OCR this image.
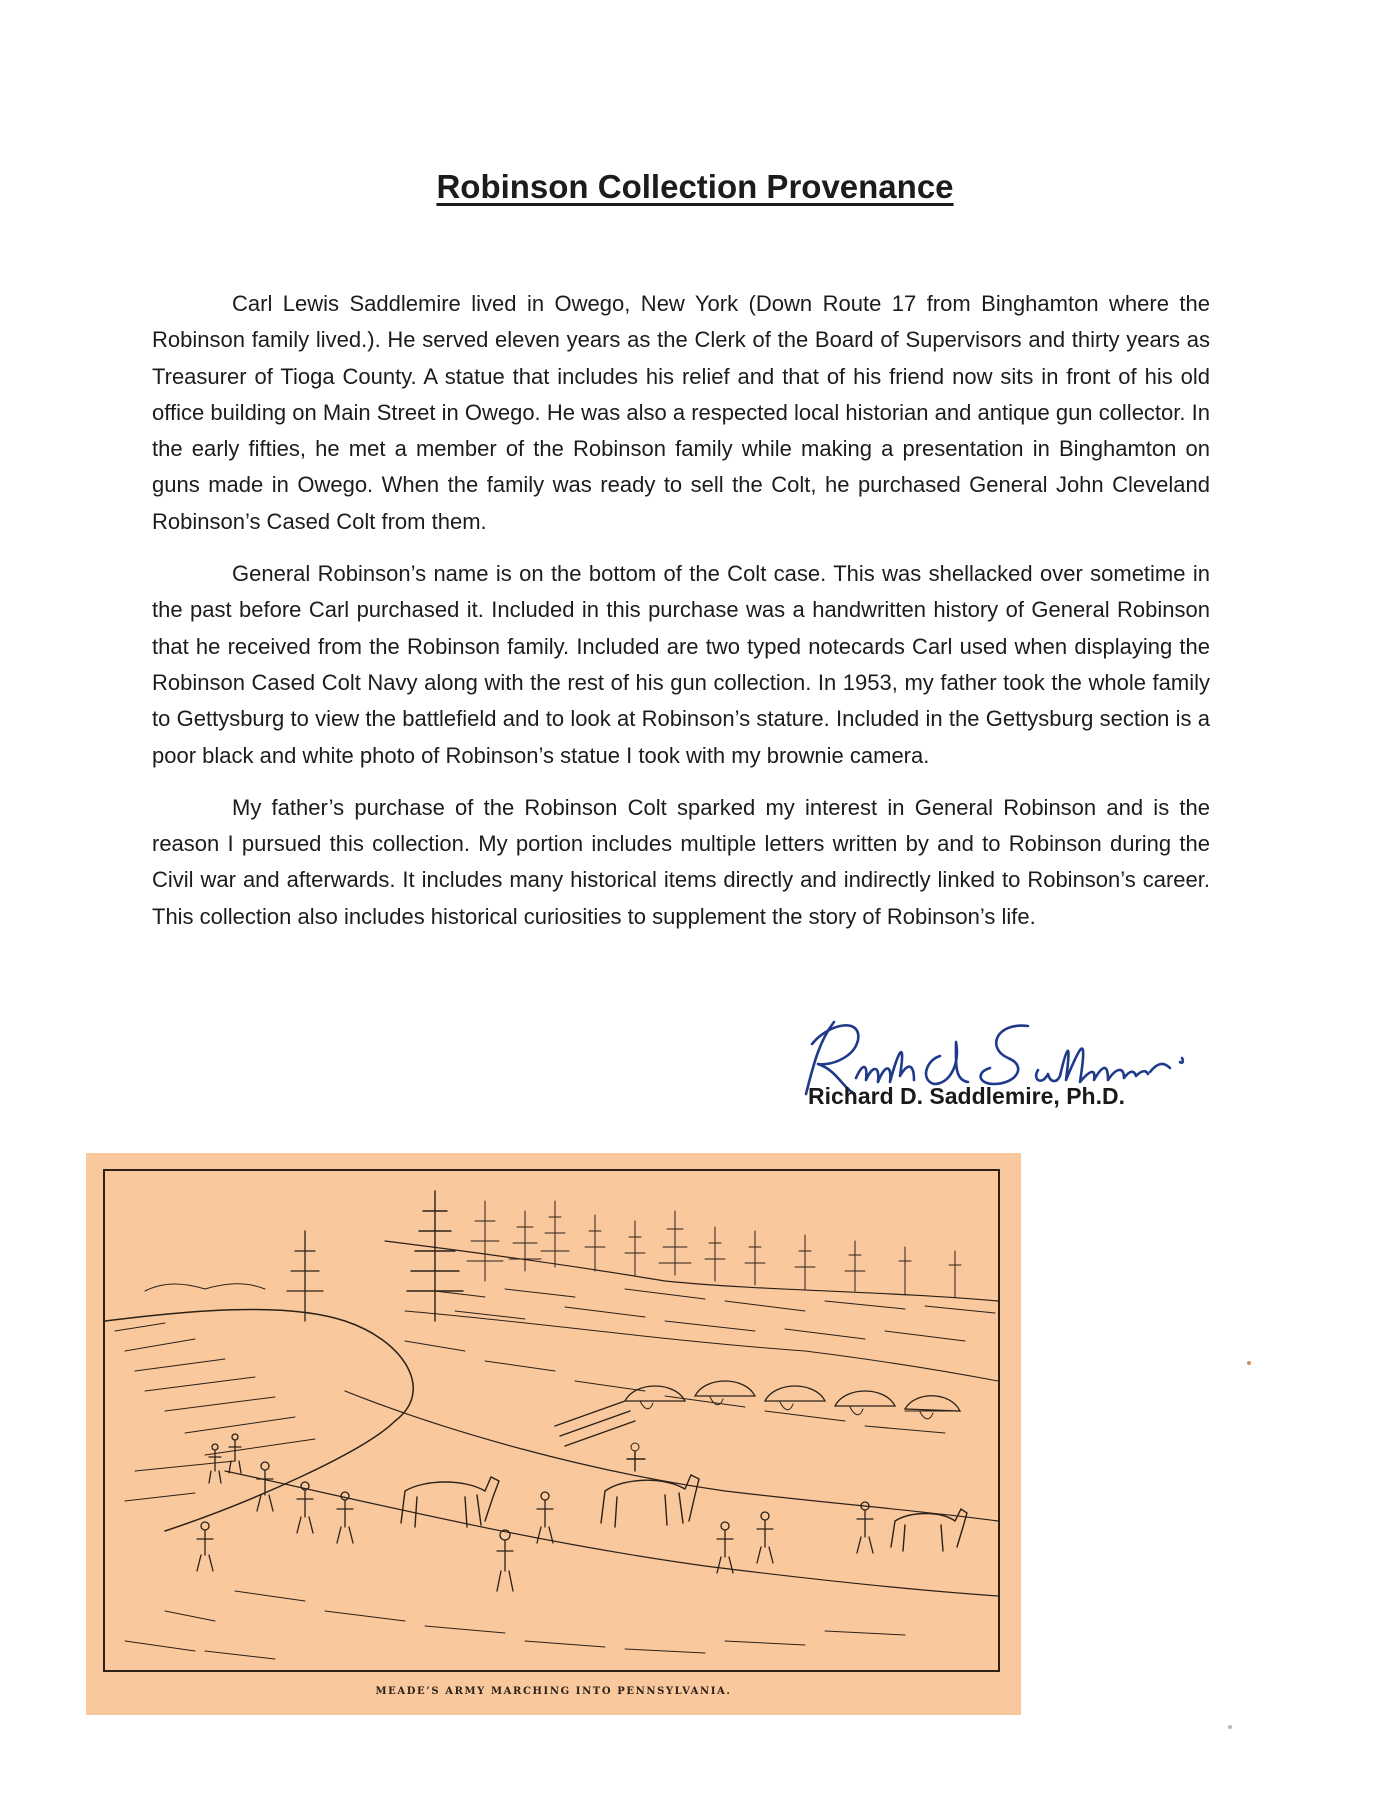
Robinson Collection Provenance

Carl Lewis Saddlemire lived in Owego, New York (Down Route 17 from Binghamton where the Robinson family lived.). He served eleven years as the Clerk of the Board of Supervisors and thirty years as Treasurer of Tioga County. A statue that includes his relief and that of his friend now sits in front of his old office building on Main Street in Owego. He was also a respected local historian and antique gun collector. In the early fifties, he met a member of the Robinson family while making a presentation in Binghamton on guns made in Owego. When the family was ready to sell the Colt, he purchased General John Cleveland Robinson’s Cased Colt from them.

General Robinson’s name is on the bottom of the Colt case. This was shellacked over sometime in the past before Carl purchased it. Included in this purchase was a handwritten history of General Robinson that he received from the Robinson family. Included are two typed notecards Carl used when displaying the Robinson Cased Colt Navy along with the rest of his gun collection. In 1953, my father took the whole family to Gettysburg to view the battlefield and to look at Robinson’s stature. Included in the Gettysburg section is a poor black and white photo of Robinson’s statue I took with my brownie camera.

My father’s purchase of the Robinson Colt sparked my interest in General Robinson and is the reason I pursued this collection. My portion includes multiple letters written by and to Robinson during the Civil war and afterwards. It includes many historical items directly and indirectly linked to Robinson’s career. This collection also includes historical curiosities to supplement the story of Robinson’s life.

Richard D. Saddlemire, Ph.D.
MEADE’S ARMY MARCHING INTO PENNSYLVANIA.
